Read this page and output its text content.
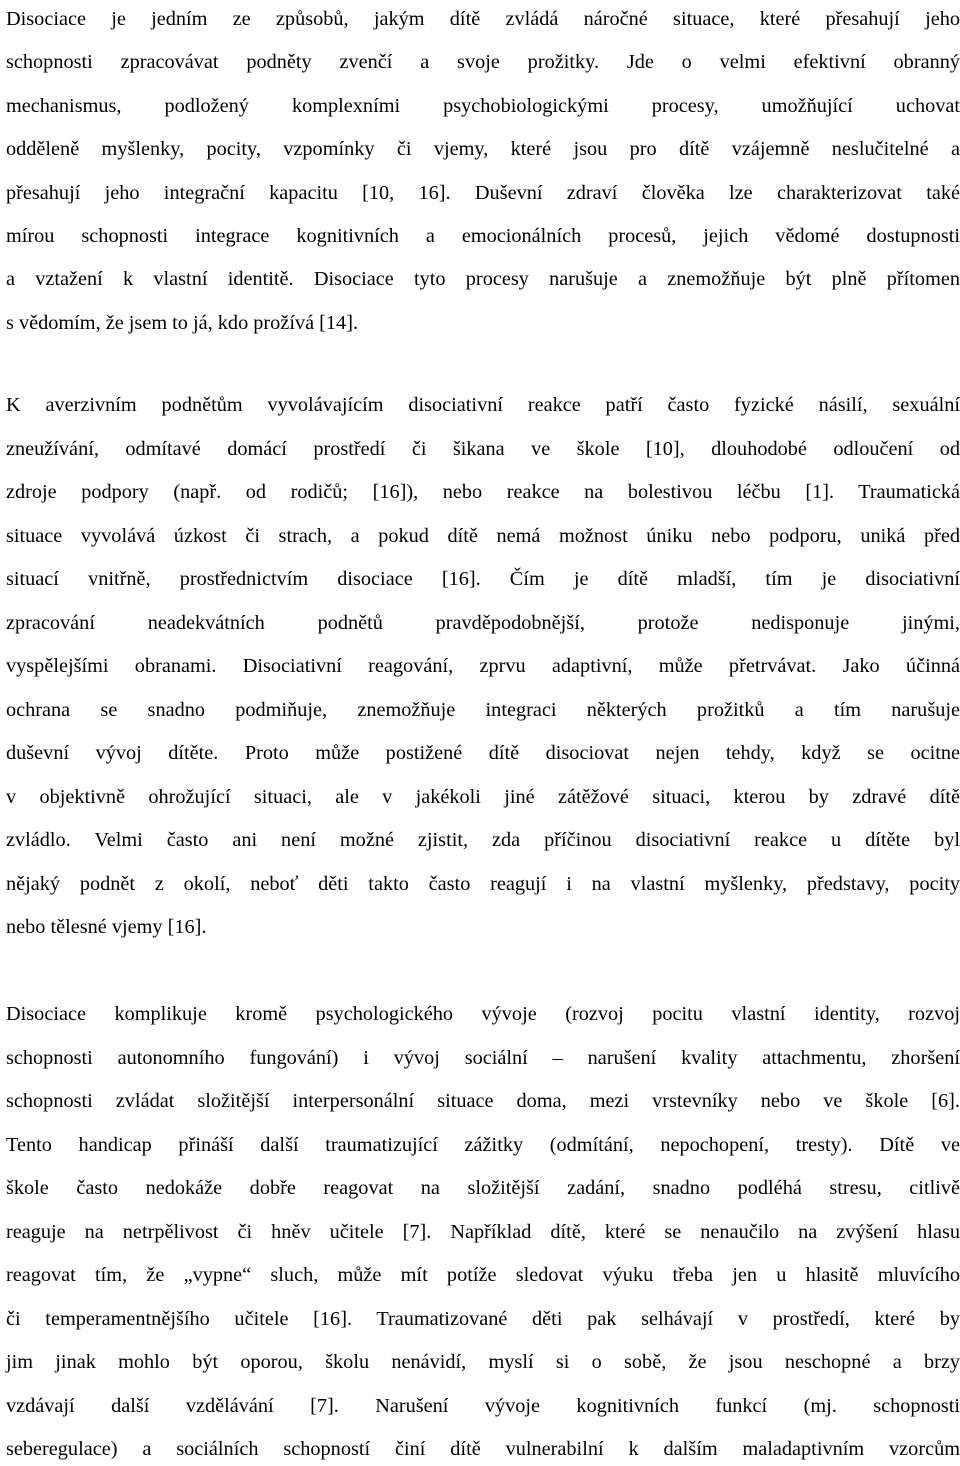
Disociace je jedním ze způsobů, jakým dítě zvládá náročné situace, které přesahují jeho
schopnosti zpracovávat podněty zvenčí a svoje prožitky. Jde o velmi efektivní obranný
mechanismus, podložený komplexními psychobiologickými procesy, umožňující uchovat
odděleně myšlenky, pocity, vzpomínky či vjemy, které jsou pro dítě vzájemně neslučitelné a
přesahují jeho integrační kapacitu [10, 16]. Duševní zdraví člověka lze charakterizovat také
mírou schopnosti integrace kognitivních a emocionálních procesů, jejich vědomé dostupnosti
a vztažení k vlastní identitě. Disociace tyto procesy narušuje a znemožňuje být plně přítomen
s vědomím, že jsem to já, kdo prožívá [14].
K averzivním podnětům vyvolávajícím disociativní reakce patří často fyzické násilí, sexuální
zneužívání, odmítavé domácí prostředí či šikana ve škole [10], dlouhodobé odloučení od
zdroje podpory (např. od rodičů; [16]), nebo reakce na bolestivou léčbu [1]. Traumatická
situace vyvolává úzkost či strach, a pokud dítě nemá možnost úniku nebo podporu, uniká před
situací vnitřně, prostřednictvím disociace [16]. Čím je dítě mladší, tím je disociativní
zpracování neadekvátních podnětů pravděpodobnější, protože nedisponuje jinými,
vyspělejšími obranami. Disociativní reagování, zprvu adaptivní, může přetrvávat. Jako účinná
ochrana se snadno podmiňuje, znemožňuje integraci některých prožitků a tím narušuje
duševní vývoj dítěte. Proto může postižené dítě disociovat nejen tehdy, když se ocitne
v objektivně ohrožující situaci, ale v jakékoli jiné zátěžové situaci, kterou by zdravé dítě
zvládlo. Velmi často ani není možné zjistit, zda příčinou disociativní reakce u dítěte byl
nějaký podnět z okolí, neboť děti takto často reagují i na vlastní myšlenky, představy, pocity
nebo tělesné vjemy [16].
Disociace komplikuje kromě psychologického vývoje (rozvoj pocitu vlastní identity, rozvoj
schopnosti autonomního fungování) i vývoj sociální – narušení kvality attachmentu, zhoršení
schopnosti zvládat složitější interpersonální situace doma, mezi vrstevníky nebo ve škole [6].
Tento handicap přináší další traumatizující zážitky (odmítání, nepochopení, tresty). Dítě ve
škole často nedokáže dobře reagovat na složitější zadání, snadno podléhá stresu, citlivě
reaguje na netrpělivost či hněv učitele [7]. Například dítě, které se nenaučilo na zvýšení hlasu
reagovat tím, že „vypne“ sluch, může mít potíže sledovat výuku třeba jen u hlasitě mluvícího
či temperamentnějšího učitele [16]. Traumatizované děti pak selhávají v prostředí, které by
jim jinak mohlo být oporou, školu nenávidí, myslí si o sobě, že jsou neschopné a brzy
vzdávají další vzdělávání [7]. Narušení vývoje kognitivních funkcí (mj. schopnosti
seberegulace) a sociálních schopností činí dítě vulnerabilní k dalším maladaptivním vzorcům
